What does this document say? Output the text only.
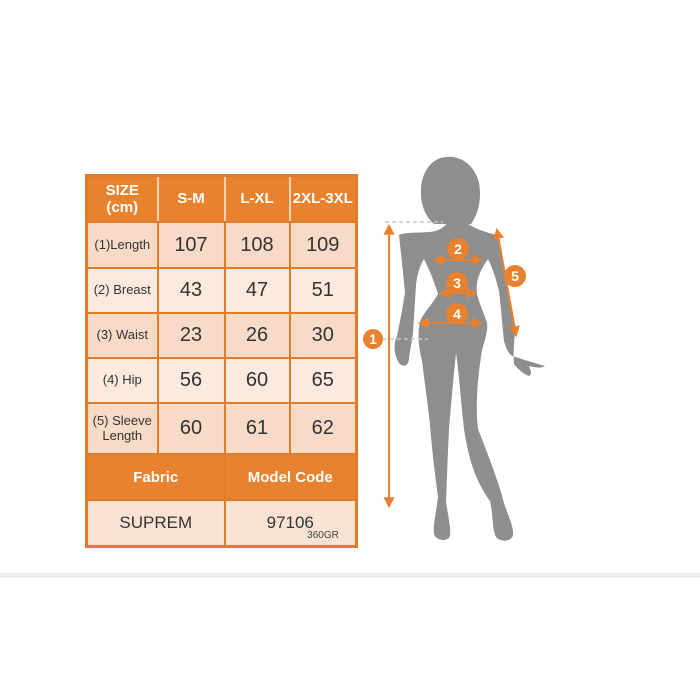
SIZE (cm)	S-M	L-XL	2XL-3XL
(1)Length	107	108	109
(2) Breast	43	47	51
(3) Waist	23	26	30
(4) Hip	56	60	65
(5) Sleeve Length	60	61	62
Fabric		Model Code	
SUPREM		97106	
360GR
1
2
3
4
5
